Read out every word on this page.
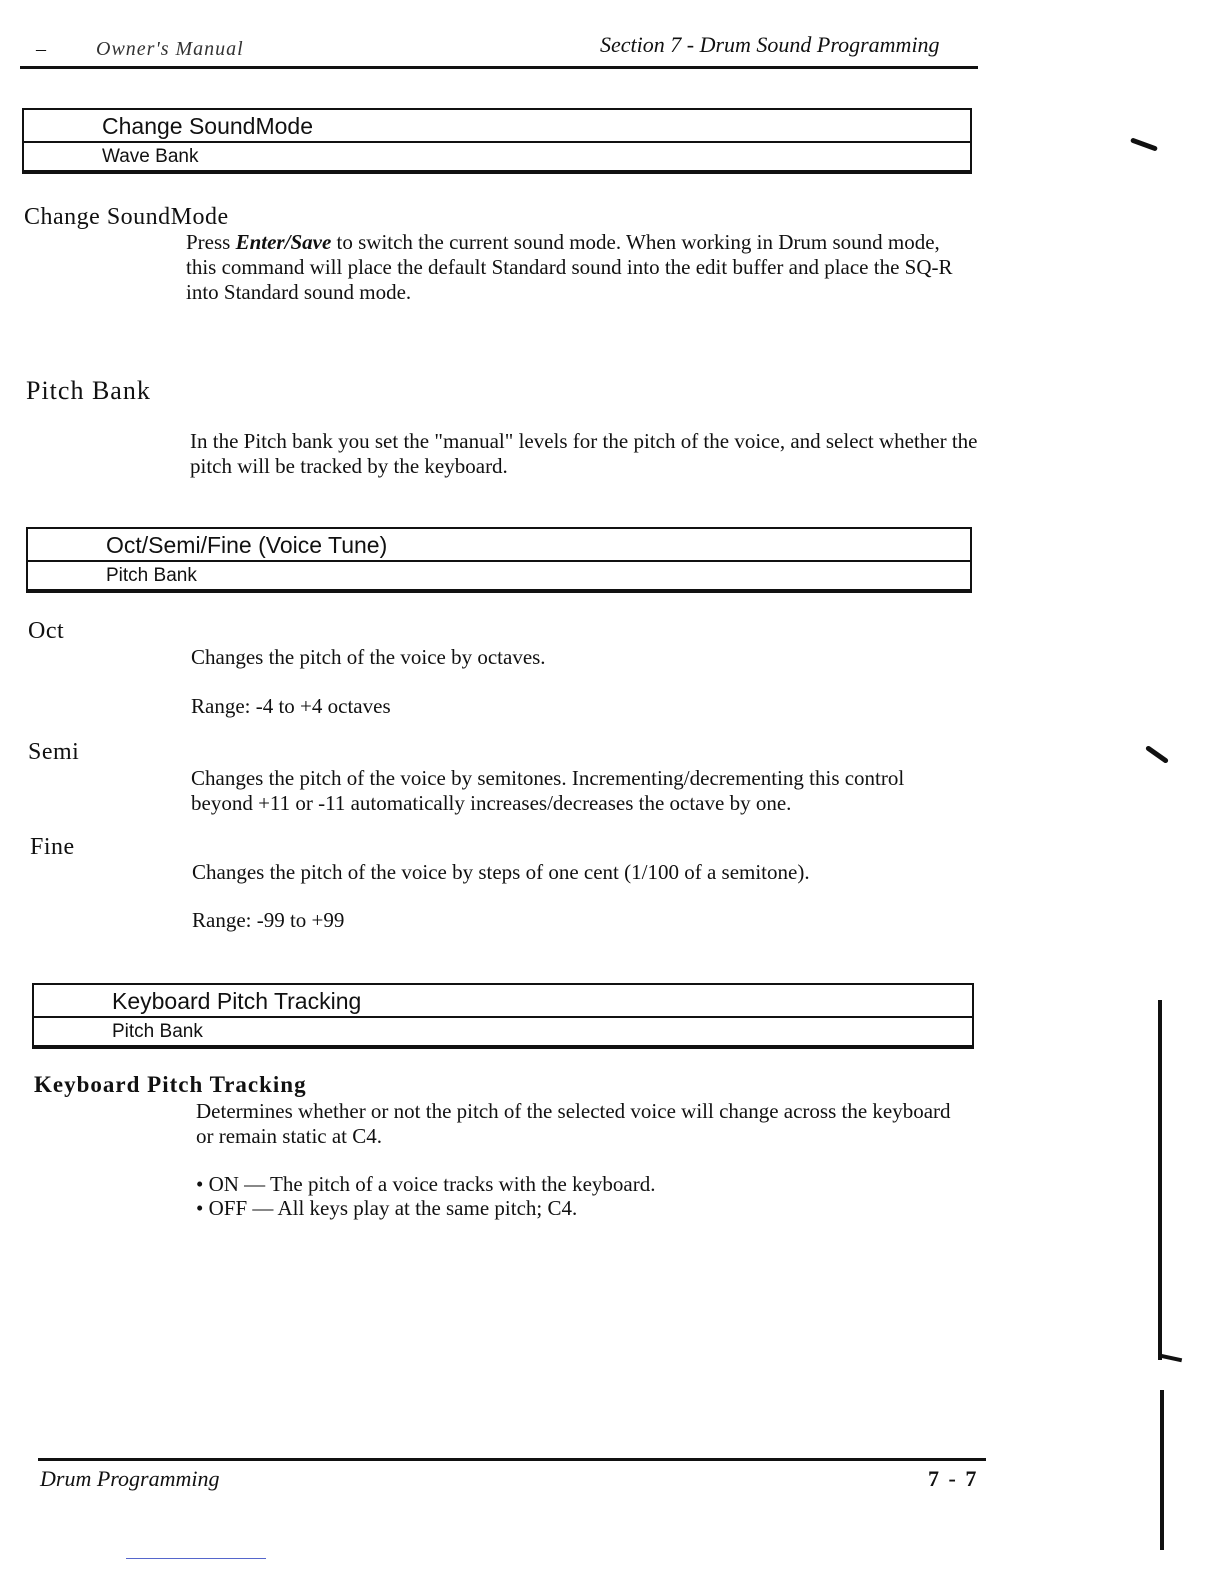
–	Owner's Manual	Section 7 - Drum Sound Programming
Change SoundMode
Wave Bank
Change SoundMode
Press Enter/Save to switch the current sound mode. When working in Drum sound mode, this command will place the default Standard sound into the edit buffer and place the SQ-R into Standard sound mode.
Pitch Bank
In the Pitch bank you set the "manual" levels for the pitch of the voice, and select whether the pitch will be tracked by the keyboard.
Oct/Semi/Fine (Voice Tune)
Pitch Bank
Oct
Changes the pitch of the voice by octaves.
Range: -4 to +4 octaves
Semi
Changes the pitch of the voice by semitones. Incrementing/decrementing this control beyond +11 or -11 automatically increases/decreases the octave by one.
Fine
Changes the pitch of the voice by steps of one cent (1/100 of a semitone).
Range: -99 to +99
Keyboard Pitch Tracking
Pitch Bank
Keyboard Pitch Tracking
Determines whether or not the pitch of the selected voice will change across the keyboard or remain static at C4.
• ON — The pitch of a voice tracks with the keyboard.
• OFF — All keys play at the same pitch; C4.
Drum Programming	7 - 7
